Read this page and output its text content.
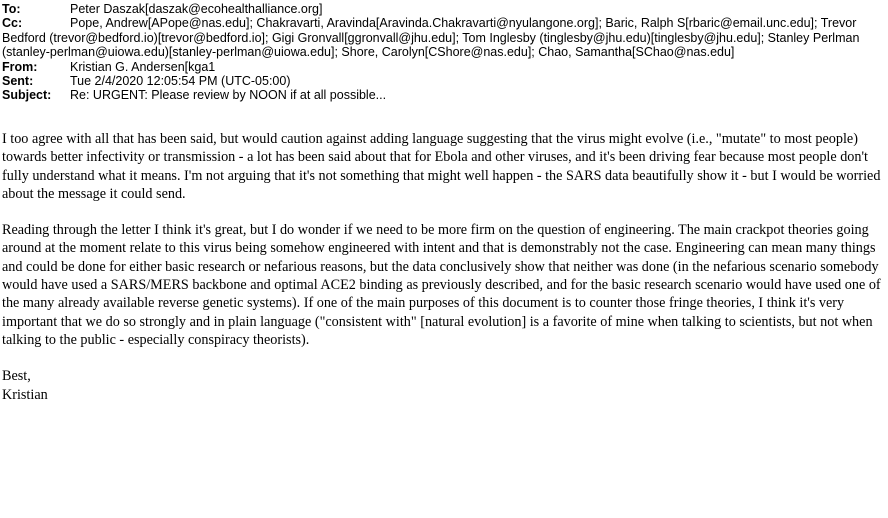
To:	Peter Daszak[daszak@ecohealthalliance.org]
Cc:	Pope, Andrew[APope@nas.edu]; Chakravarti, Aravinda[Aravinda.Chakravarti@nyulangone.org]; Baric, Ralph S[rbaric@email.unc.edu]; Trevor Bedford (trevor@bedford.io)[trevor@bedford.io]; Gigi Gronvall[ggronvall@jhu.edu]; Tom Inglesby (tinglesby@jhu.edu)[tinglesby@jhu.edu]; Stanley Perlman (stanley-perlman@uiowa.edu)[stanley-perlman@uiowa.edu]; Shore, Carolyn[CShore@nas.edu]; Chao, Samantha[SChao@nas.edu]
From:	Kristian G. Andersen[kga1
Sent:	Tue 2/4/2020 12:05:54 PM (UTC-05:00)
Subject: Re: URGENT: Please review by NOON if at all possible...

I too agree with all that has been said, but would caution against adding language suggesting that the virus might evolve (i.e., "mutate" to most people) towards better infectivity or transmission - a lot has been said about that for Ebola and other viruses, and it's been driving fear because most people don't fully understand what it means. I'm not arguing that it's not something that might well happen - the SARS data beautifully show it - but I would be worried about the message it could send.

Reading through the letter I think it's great, but I do wonder if we need to be more firm on the question of engineering. The main crackpot theories going around at the moment relate to this virus being somehow engineered with intent and that is demonstrably not the case. Engineering can mean many things and could be done for either basic research or nefarious reasons, but the data conclusively show that neither was done (in the nefarious scenario somebody would have used a SARS/MERS backbone and optimal ACE2 binding as previously described, and for the basic research scenario would have used one of the many already available reverse genetic systems). If one of the main purposes of this document is to counter those fringe theories, I think it's very important that we do so strongly and in plain language ("consistent with" [natural evolution] is a favorite of mine when talking to scientists, but not when talking to the public - especially conspiracy theorists).

Best,

Kristian
